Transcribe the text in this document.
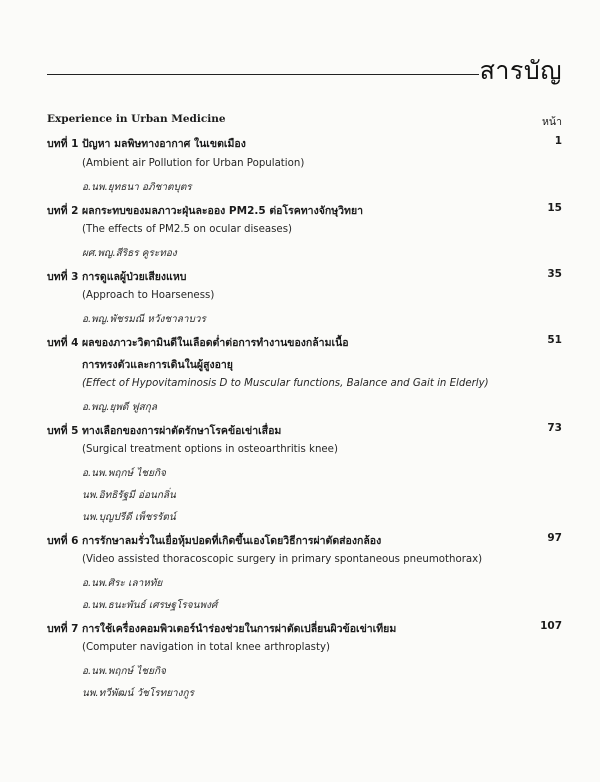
สารบัญ
Experience in Urban Medicine	หน้า
บทที่ 1 ปัญหา มลพิษทางอากาศ ในเขตเมือง	1
(Ambient air Pollution for Urban Population)
อ.นพ.ยุทธนา อภิชาตบุตร
บทที่ 2 ผลกระทบของมลภาวะฝุ่นละออง PM2.5 ต่อโรคทางจักษุวิทยา	15
(The effects of PM2.5 on ocular diseases)
ผศ.พญ.สีริธร คูระทอง
บทที่ 3 การดูแลผู้ป่วยเสียงแหบ	35
(Approach to Hoarseness)
อ.พญ.พัชรมณี หวังชาลาบวร
บทที่ 4 ผลของภาวะวิตามินดีในเลือดต่ำต่อการทำงานของกล้ามเนื้อ	51
การทรงตัวและการเดินในผู้สูงอายุ
(Effect of Hypovitaminosis D to Muscular functions, Balance and Gait in Elderly)
อ.พญ.ยุพดี ฟูสกุล
บทที่ 5 ทางเลือกของการผ่าตัดรักษาโรคข้อเข่าเสื่อม	73
(Surgical treatment options in osteoarthritis knee)
อ.นพ.พฤกษ์ ไชยกิจ
นพ.อิทธิรัฐมี อ่อนกลิ่น
นพ.บุญปรีดี เพ็ชรรัตน์
บทที่ 6 การรักษาลมรั่วในเยื่อหุ้มปอดที่เกิดขึ้นเองโดยวิธีการผ่าตัดส่องกล้อง	97
(Video assisted thoracoscopic surgery in primary spontaneous pneumothorax)
อ.นพ.ศิระ เลาหทัย
อ.นพ.ธนะพันธ์ เศรษฐโรจนพงศ์
บทที่ 7 การใช้เครื่องคอมพิวเตอร์นำร่องช่วยในการผ่าตัดเปลี่ยนผิวข้อเข่าเทียม	107
(Computer navigation in total knee arthroplasty)
อ.นพ.พฤกษ์ ไชยกิจ
นพ.ทวีพัฒน์ วัชโรทยางกูร
